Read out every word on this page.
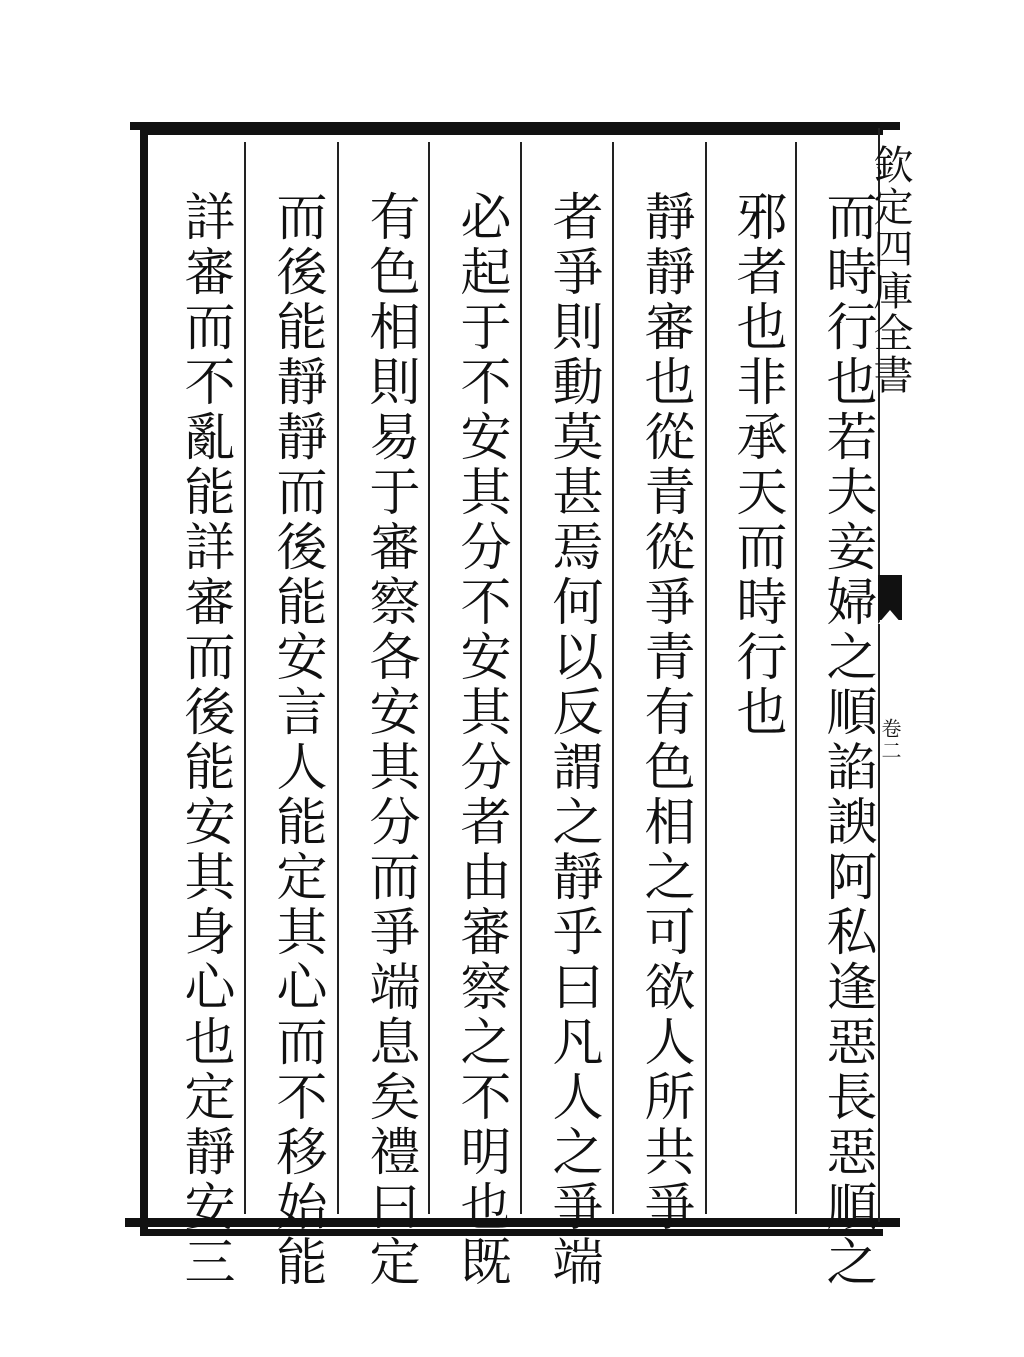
而時行也若夫妾婦之順諂諛阿私逢惡長惡順之
邪者也非承天而時行也
靜靜審也從青從爭青有色相之可欲人所共爭
者爭則動莫甚焉何以反謂之靜乎曰凡人之爭端
必起于不安其分不安其分者由審察之不明也既
有色相則易于審察各安其分而爭端息矣禮曰定
而後能靜靜而後能安言人能定其心而不移始能
詳審而不亂能詳審而後能安其身心也定靜安三	欽定四庫全書
卷二
